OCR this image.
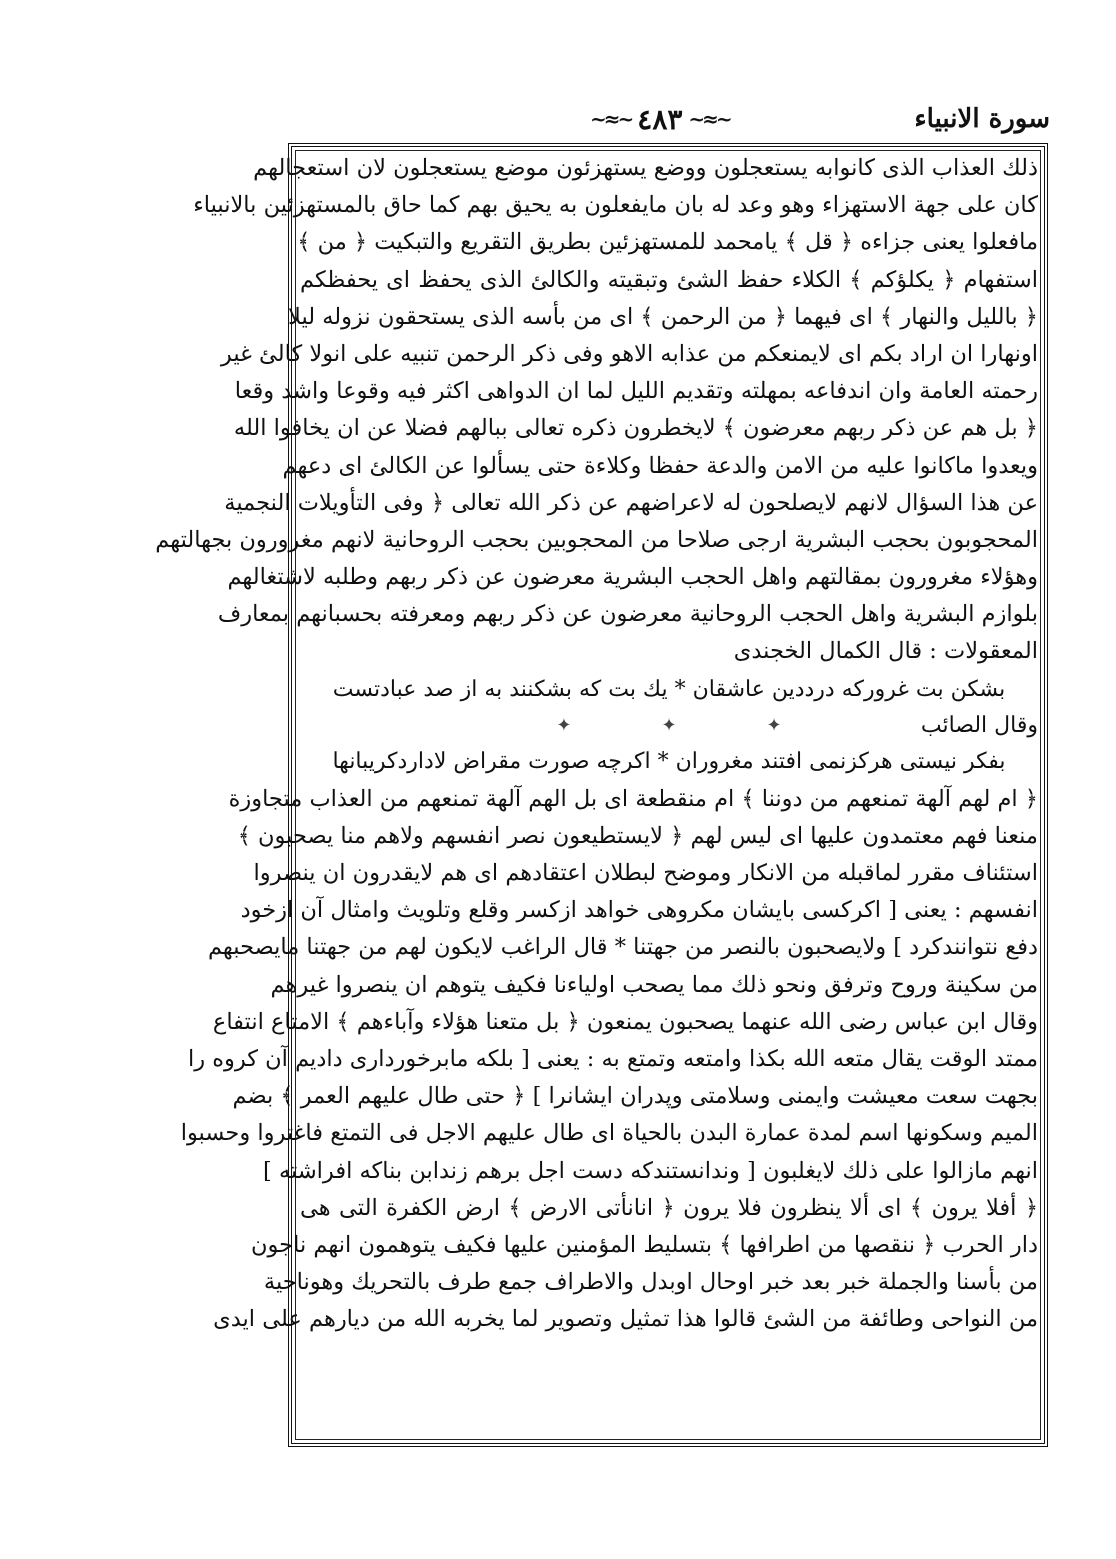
سورة الانبياء
~≈~
٤٨٣
~≈~
ذلك العذاب الذى كانوابه يستعجلون ووضع يستهزئون موضع يستعجلون لان استعجالهم
كان على جهة الاستهزاء وهو وعد له بان مايفعلون به يحيق بهم كما حاق بالمستهزئين بالانبياء
مافعلوا يعنى جزاءه ﴿ قل ﴾ يامحمد للمستهزئين بطريق التقريع والتبكيت ﴿ من ﴾
استفهام ﴿ يكلؤكم ﴾ الكلاء حفظ الشئ وتبقيته والكالئ الذى يحفظ اى يحفظكم
﴿ بالليل والنهار ﴾ اى فيهما ﴿ من الرحمن ﴾ اى من بأسه الذى يستحقون نزوله ليلا
اونهارا ان اراد بكم اى لايمنعكم من عذابه الاهو وفى ذكر الرحمن تنبيه على انولا كالئ غير
رحمته العامة وان اندفاعه بمهلته وتقديم الليل لما ان الدواهى اكثر فيه وقوعا واشد وقعا
﴿ بل هم عن ذكر ربهم معرضون ﴾ لايخطرون ذكره تعالى ببالهم فضلا عن ان يخافوا الله
ويعدوا ماكانوا عليه من الامن والدعة حفظا وكلاءة حتى يسألوا عن الكالئ اى دعهم
عن هذا السؤال لانهم لايصلحون له لاعراضهم عن ذكر الله تعالى ﴿ وفى التأويلات النجمية
المحجوبون بحجب البشرية ارجى صلاحا من المحجوبين بحجب الروحانية لانهم مغرورون بجهالتهم
وهؤلاء مغرورون بمقالتهم واهل الحجب البشرية معرضون عن ذكر ربهم وطلبه لاشتغالهم
بلوازم البشرية واهل الحجب الروحانية معرضون عن ذكر ربهم ومعرفته بحسبانهم بمعارف
المعقولات : قال الكمال الخجندى
بشكن بت غروركه درددين عاشقان * يك بت كه بشكنند به از صد عبادتست
وقال الصائب
✦
✦
✦
بفكر نيستى هركزنمى افتند مغروران * اكرچه صورت مقراض لاداردكريبانها
﴿ ام لهم آلهة تمنعهم من دوننا ﴾ ام منقطعة اى بل الهم آلهة تمنعهم من العذاب متجاوزة
منعنا فهم معتمدون عليها اى ليس لهم ﴿ لايستطيعون نصر انفسهم ولاهم منا يصحبون ﴾
استئناف مقرر لماقبله من الانكار وموضح لبطلان اعتقادهم اى هم لايقدرون ان ينصروا
انفسهم : يعنى [ اكركسى بايشان مكروهى خواهد ازكسر وقلع وتلويث وامثال آن ازخود
دفع نتوانندكرد ] ولايصحبون بالنصر من جهتنا * قال الراغب لايكون لهم من جهتنا مايصحبهم
من سكينة وروح وترفق ونحو ذلك مما يصحب اولياءنا فكيف يتوهم ان ينصروا غيرهم
وقال ابن عباس رضى الله عنهما يصحبون يمنعون ﴿ بل متعنا هؤلاء وآباءهم ﴾ الامتاع انتفاع
ممتد الوقت يقال متعه الله بكذا وامتعه وتمتع به : يعنى [ بلكه مابرخوردارى داديم آن كروه را
بجهت سعت معيشت وايمنى وسلامتى وپدران ايشانرا ] ﴿ حتى طال عليهم العمر ﴾ بضم
الميم وسكونها اسم لمدة عمارة البدن بالحياة اى طال عليهم الاجل فى التمتع فاغتروا وحسبوا
انهم مازالوا على ذلك لايغلبون [ وندانستندكه دست اجل برهم زندابن بناكه افراشته ]
﴿ أفلا يرون ﴾ اى ألا ينظرون فلا يرون ﴿ انانأتى الارض ﴾ ارض الكفرة التى هى
دار الحرب ﴿ ننقصها من اطرافها ﴾ بتسليط المؤمنين عليها فكيف يتوهمون انهم ناجون
من بأسنا والجملة خبر بعد خبر اوحال اوبدل والاطراف جمع طرف بالتحريك وهوناحية
من النواحى وطائفة من الشئ قالوا هذا تمثيل وتصوير لما يخربه الله من ديارهم على ايدى
